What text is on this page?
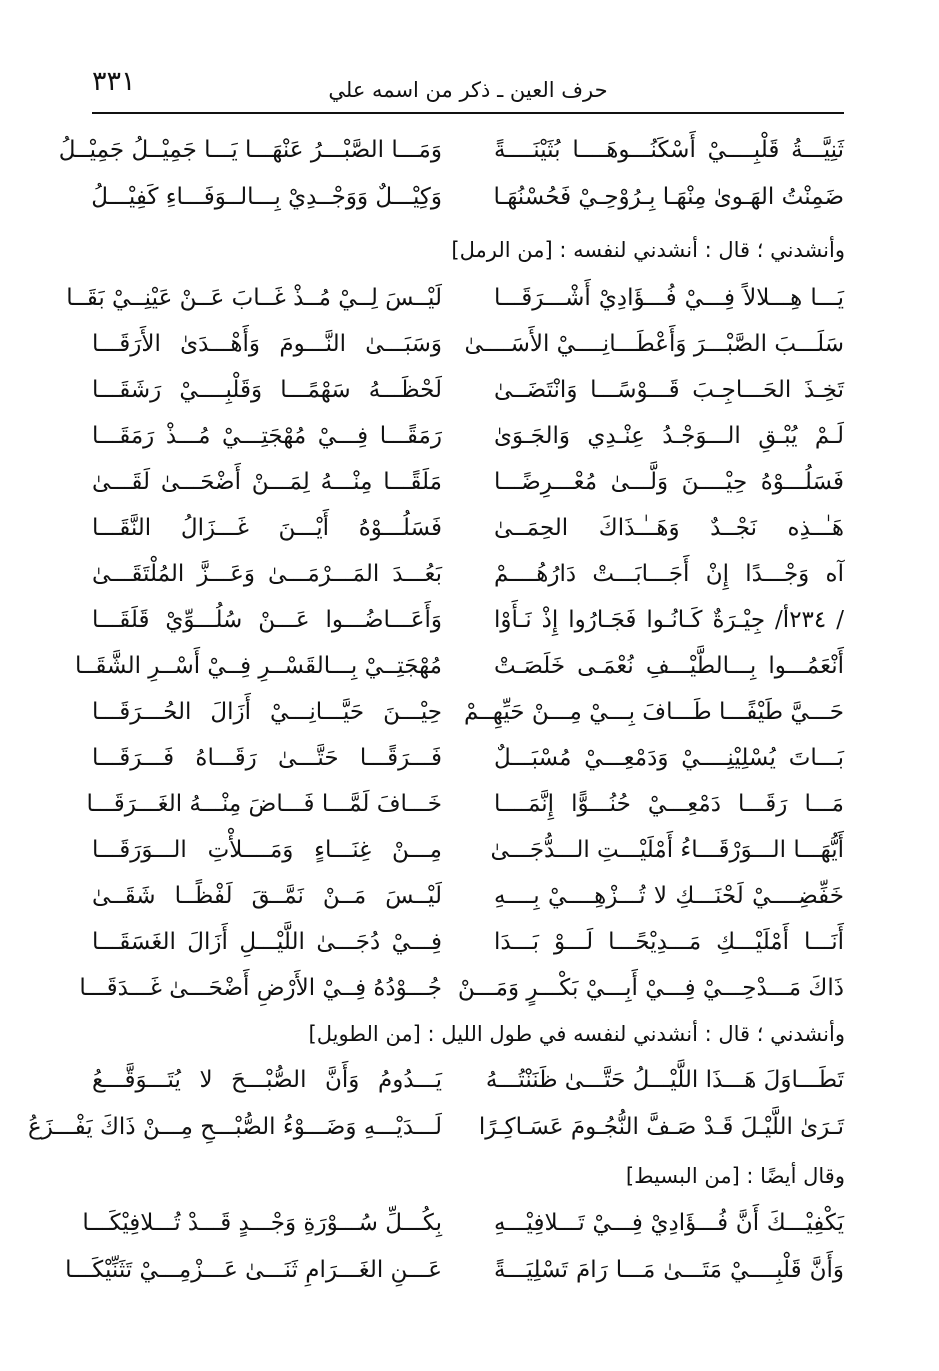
٣٣١	حرف العين ـ ذكر من اسمه علي
ثَنِيَّـــةُ قَلْبِــــيْ أَسْكَنُـــوهَــــا بُثَيْنَــــةً
وَمَـــا الصَّبْـــرُ عَنْهَـــا يَـــا جَمِيْــلُ جَمِيْــلُ
ضَمِنْتُ الهَـوىٰ مِنْهَـا بِـرُوْحِـيْ فَحُسْنُهَـا
وَكِيْـــلٌ وَوَجْــدِيْ بِـــالــوَفَـــاءِ كَفِيْـــلُ
وأنشدني ؛ قال : أنشدني لنفسه : [من الرمل]
يَـــا هِـــلالاً فِـــيْ فُـــؤَادِيْ أَشْـــرَقَـــا
لَيْــسَ لِــيْ مُــذْ غَــابَ عَــنْ عَيْنِــيْ بَقَــا
سَلَـــبَ الصَّبْـــرَ وَأَعْطَـــانِــــيْ الأَسَــــىٰ
وَسَبَـــىٰ النَّـــومَ وَأَهْـــدَىٰ الأَرَقَـــا
تَخِـذَ الحَـــاجِـبَ قَـــوْسًـــا وَانْتَضَــىٰ
لَحْظَـــهُ سَهْمًـــا وَقَلْبِــــيْ رَشَقَـــا
لَـمْ يُبْـقِ الـــوَجْـدُ عِنْـدِي وَالجَـوَىٰ
رَمَقًـــا فِـــيْ مُهْجَتِـــيْ مُـــذْ رَمَقَـــا
فَسَلُـــوْهُ حِيْــــنَ وَلَّـــىٰ مُعْـــرِضًـــا
مَلَقًـــا مِنْـــهُ لِمَـــنْ أَضْحَـــىٰ لَقَـــىٰ
هَـٰــذِه نَجْــدٌ وَهَــٰـذَاكَ الحِمَــىٰ
فَسَلُـــوْهُ أَيْـــنَ غَـــزَالُ النَّقَـــا
آه وَجْـــدًا إِنْ أَجَـــابَـــتْ دَارُهُــــمْ
بَعُـــدَ المَـــرْمَـــىٰ وَعَـــزَّ المُلْتَقَـــىٰ
/ ٢٣٤أ/ جِيْـرَةٌ كَـانُـوا فَجَـارُوا إِذْ نَـأَوْا
وَأَعَـــاضُـــوا عَـــنْ سُلُـــوِّيْ قَلَقَـــا
أَنْعَمُـــوا بِـــالطَّيْـــفِ نُعْمَـى خَلَصَـتْ
مُهْجَتِــيْ بِـــالقَسْــرِ فِــيْ أَسْــرِ الشَّقَــا
حَـــيَّ طَيْفًـــا طَـــافَ بِـــيْ مِـــنْ حَيِّهِــمْ
حِيْـــنَ حَيَّـــانِـــيْ أَزَالَ الحُـــرَقَـــا
بَـــاتَ يُسْلِيْنِــــيْ وَدَمْعِـــيْ مُسْبَـــلٌ
فَـــرَقًـــا حَتَّـــىٰ رَقَـــاهُ فَـــرَقَـــا
مَـــا رَقَـــا دَمْعِـــيْ حُنُـــوًّا إِنَّمَــــا
خَـــافَ لَمَّـــا فَـــاضَ مِنْـــهُ الغَـــرَقَـــا
أَيُّهَـــا الـــوَرْقَـــاءُ أَمْلَيْـــتِ الـــدُّجَـــىٰ
مِـــنْ غِنَـــاءٍ وَمَــــلأْتِ الـــوَرَقَـــا
خَفِّضِــــيْ لَحْنَـــكِ لا تُـــزْهِــــيْ بِــــهِ
لَيْــسَ مَــنْ نَمَّــقَ لَفْظًــا شَقَــىٰ
أَنَـــا أَمْلَيْـــكِ مَـــدِيْحًـــا لَـــوْ بَـــدَا
فِـــيْ دُجَـــىٰ اللَّيْـــلِ أَزَالَ الغَسَقَـــا
ذَاكَ مَـــدْحِـــيْ فِـــيْ أَبِـــيْ بَكْـــرٍ وَمَـــنْ
جُـــوْدُهُ فِــيْ الأَرْضِ أَضْحَـــىٰ غَـــدَقَـــا
وأنشدني ؛ قال : أنشدني لنفسه في طول الليل : [من الطويل]
تَطَـــاوَلَ هَـــذَا اللَّيْـــلُ حَتَّـــىٰ ظَنَنْتُـــهُ
يَـــدُومُ وَأَنَّ الصُّبْـــحَ لا يُتَـــوَقَّـــعُ
تَـرَىٰ اللَّيْـلَ قَـدْ صَـفَّ النُّجُـومَ عَسَـاكِـرًا
لَـــدَيْـــهِ وَضَـــوْءُ الصُّبْـــحِ مِـــنْ ذَاكَ يَفْـــزَعُ
وقال أيضًا : [من البسيط]
يَكْفِيْـــكَ أَنَّ فُـــؤَادِيْ فِـــيْ تَـــلافِيْـــهِ
بِكُـــلِّ سُـــوْرَةِ وَجْـــدٍ قَـــدْ تُـــلافِيْكَـــا
وَأَنَّ قَلْبِــــيْ مَتَـــىٰ مَـــا رَامَ تَسْلِيَـــةً
عَـــنِ الغَـــرَامِ ثَنَـــىٰ عَـــزْمِـــيْ تَثَنِّيْكَـــا
